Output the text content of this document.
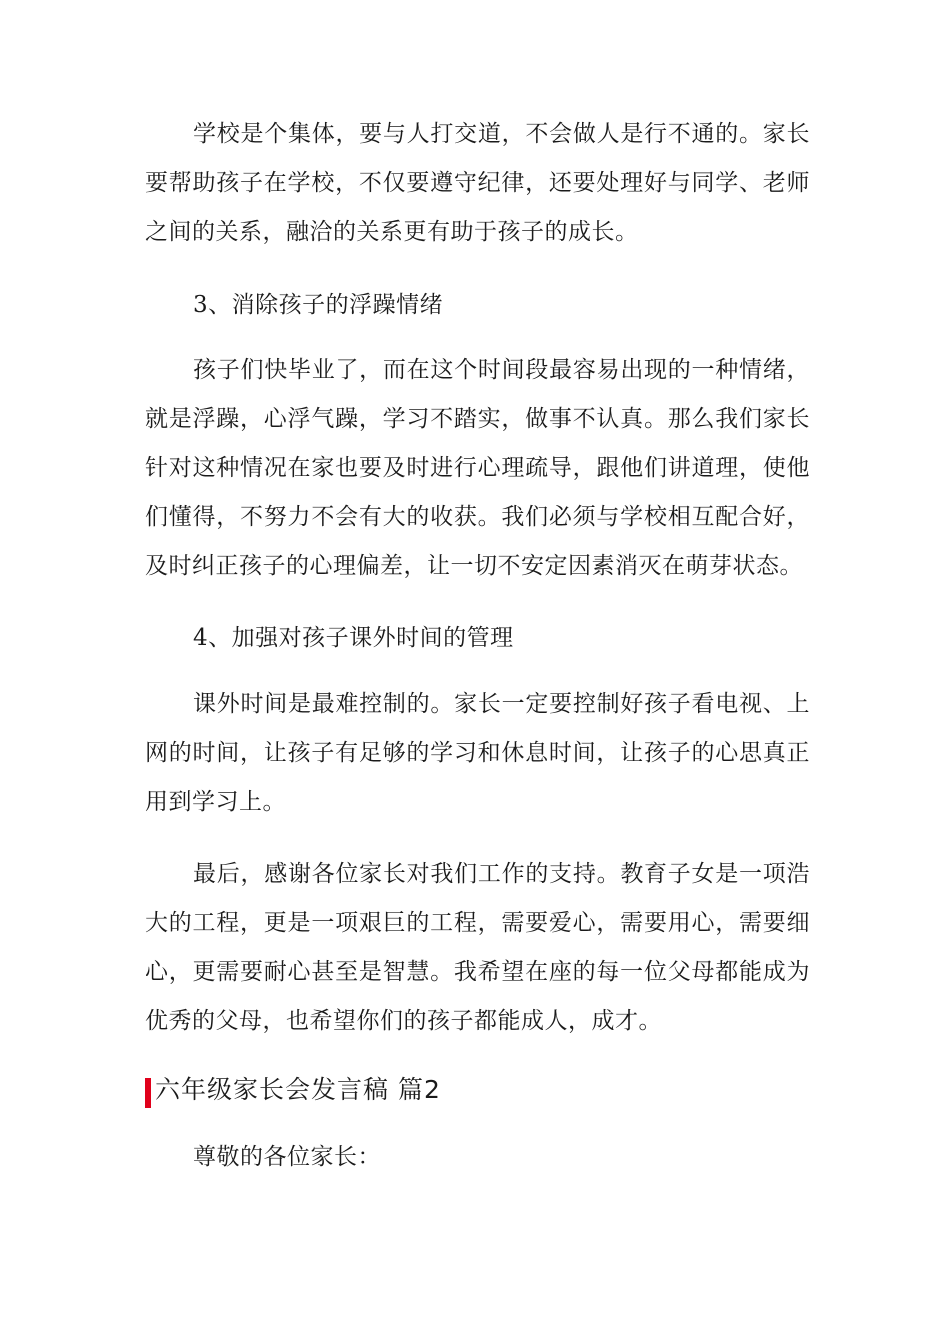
学校是个集体，要与人打交道，不会做人是行不通的。家长要帮助孩子在学校，不仅要遵守纪律，还要处理好与同学、老师之间的关系，融洽的关系更有助于孩子的成长。

3、消除孩子的浮躁情绪

孩子们快毕业了，而在这个时间段最容易出现的一种情绪，就是浮躁，心浮气躁，学习不踏实，做事不认真。那么我们家长针对这种情况在家也要及时进行心理疏导，跟他们讲道理，使他们懂得，不努力不会有大的收获。我们必须与学校相互配合好，及时纠正孩子的心理偏差，让一切不安定因素消灭在萌芽状态。

4、加强对孩子课外时间的管理

课外时间是最难控制的。家长一定要控制好孩子看电视、上网的时间，让孩子有足够的学习和休息时间，让孩子的心思真正用到学习上。

最后，感谢各位家长对我们工作的支持。教育子女是一项浩大的工程，更是一项艰巨的工程，需要爱心，需要用心，需要细心，更需要耐心甚至是智慧。我希望在座的每一位父母都能成为优秀的父母，也希望你们的孩子都能成人，成才。

六年级家长会发言稿 篇2

尊敬的各位家长：
